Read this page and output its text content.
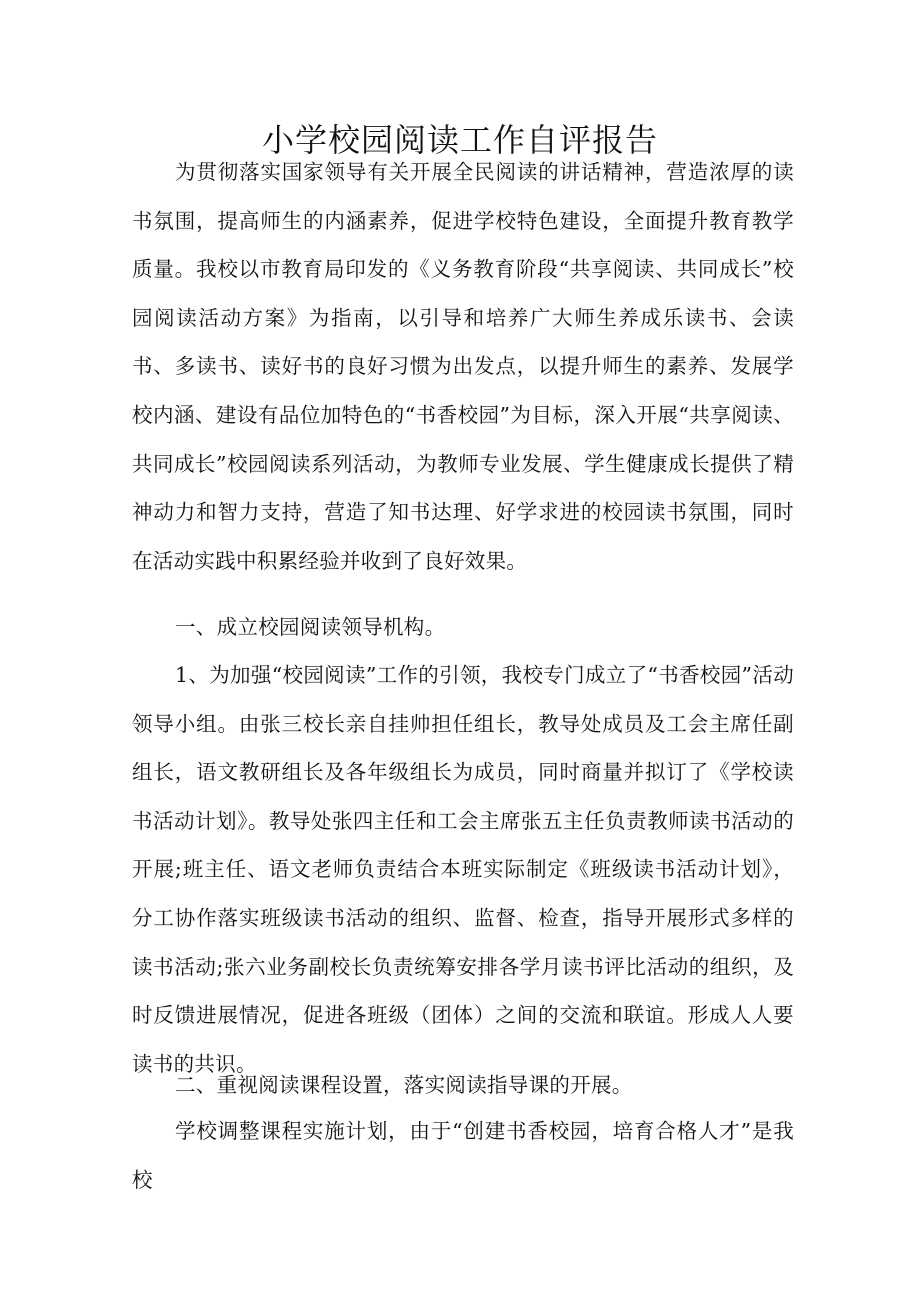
小学校园阅读工作自评报告

为贯彻落实国家领导有关开展全民阅读的讲话精神，营造浓厚的读书氛围，提高师生的内涵素养，促进学校特色建设，全面提升教育教学质量。我校以市教育局印发的《义务教育阶段“共享阅读、共同成长”校园阅读活动方案》为指南，以引导和培养广大师生养成乐读书、会读书、多读书、读好书的良好习惯为出发点，以提升师生的素养、发展学校内涵、建设有品位加特色的“书香校园”为目标，深入开展“共享阅读、共同成长”校园阅读系列活动，为教师专业发展、学生健康成长提供了精神动力和智力支持，营造了知书达理、好学求进的校园读书氛围，同时在活动实践中积累经验并收到了良好效果。

一、成立校园阅读领导机构。

1、为加强“校园阅读”工作的引领，我校专门成立了“书香校园”活动领导小组。由张三校长亲自挂帅担任组长，教导处成员及工会主席任副组长，语文教研组长及各年级组长为成员，同时商量并拟订了《学校读书活动计划》。教导处张四主任和工会主席张五主任负责教师读书活动的开展;班主任、语文老师负责结合本班实际制定《班级读书活动计划》，分工协作落实班级读书活动的组织、监督、检查，指导开展形式多样的读书活动;张六业务副校长负责统筹安排各学月读书评比活动的组织，及时反馈进展情况，促进各班级（团体）之间的交流和联谊。形成人人要读书的共识。

二、重视阅读课程设置，落实阅读指导课的开展。

学校调整课程实施计划，由于“创建书香校园，培育合格人才”是我校
